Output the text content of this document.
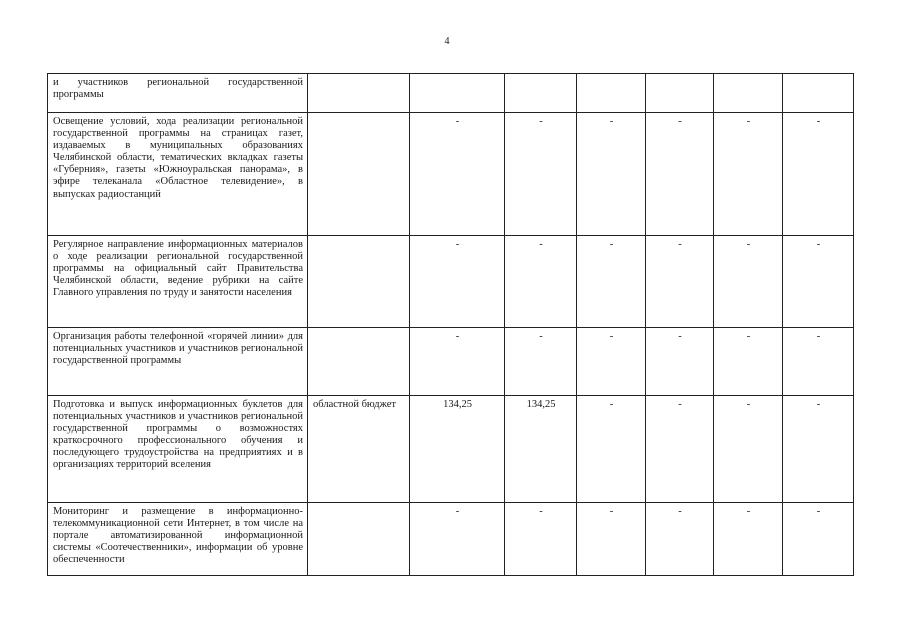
4
и участников региональной государственной программы							
Освещение условий, хода реализации региональной государственной программы на страницах газет, издаваемых в муниципальных образованиях Челябинской области, тематических вкладках газеты «Губерния», газеты «Южноуральская панорама», в эфире телеканала «Областное телевидение», в выпусках радиостанций		-	-	-	-	-	-
Регулярное направление информационных материалов о ходе реализации региональной государственной программы на официальный сайт Правительства Челябинской области, ведение рубрики на сайте Главного управления по труду и занятости населения		-	-	-	-	-	-
Организация работы телефонной «горячей линии» для потенциальных участников и участников региональной государственной программы		-	-	-	-	-	-
Подготовка и выпуск информационных буклетов для потенциальных участников и участников региональной государственной программы о возможностях краткосрочного профессионального обучения и последующего трудоустройства на предприятиях и в организациях территорий вселения	областной бюджет	134,25	134,25	-	-	-	-
Мониторинг и размещение в информационно-телекоммуникационной сети Интернет, в том числе на портале автоматизированной информационной системы «Соотечественники», информации об уровне обеспеченности		-	-	-	-	-	-
